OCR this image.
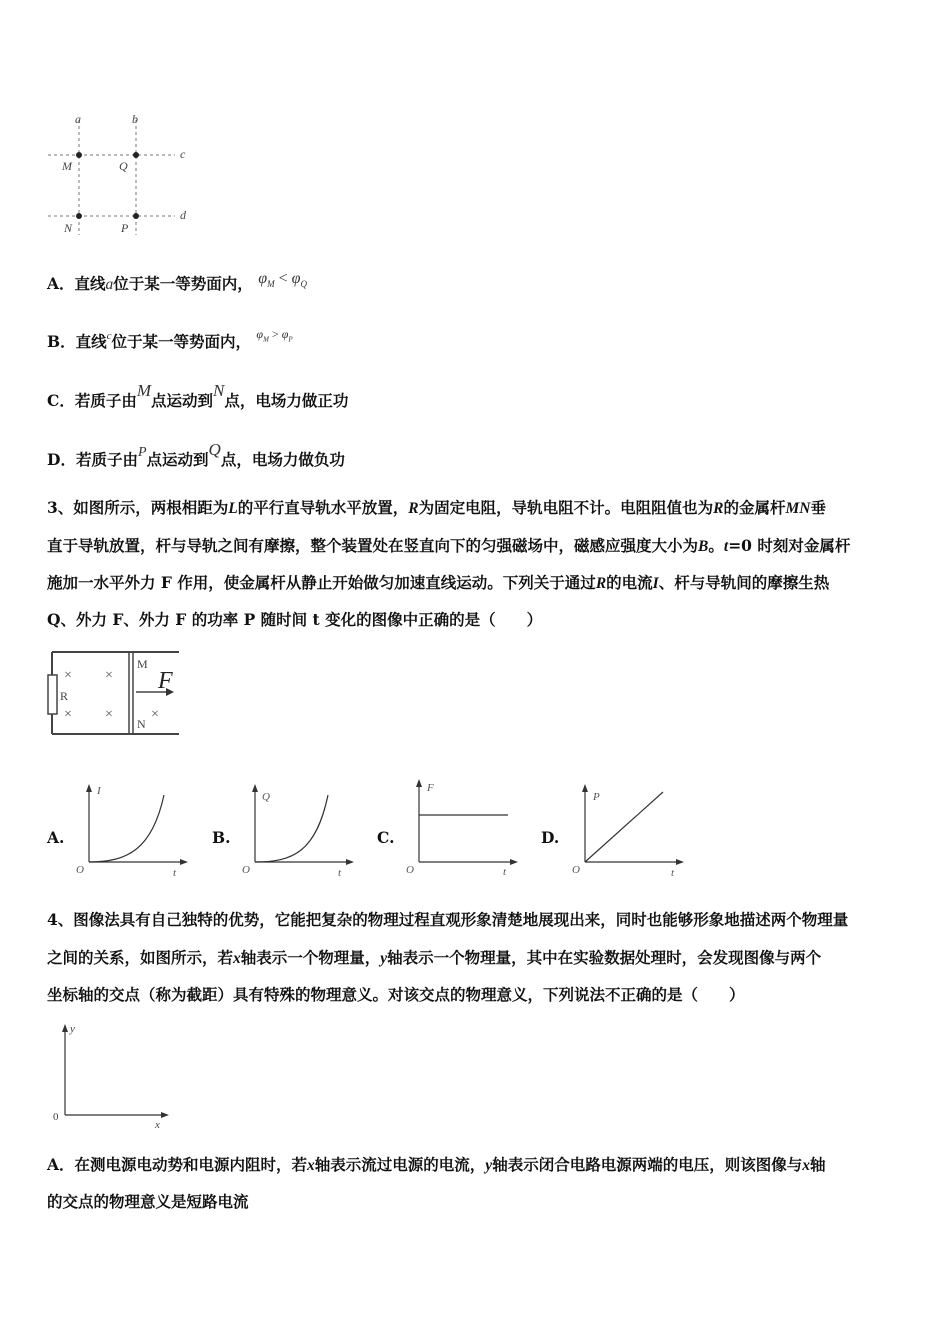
a	b
c
d
M	Q
N	P
A．直线a位于某一等势面内， $\varphi_M < \varphi_Q$
B．直线$^c$位于某一等势面内， $^{\varphi_M > \varphi_P}$
C．若质子由M点运动到N点，电场力做正功
D．若质子由P点运动到Q点，电场力做负功
3、如图所示，两根相距为L的平行直导轨水平放置，R为固定电阻，导轨电阻不计。电阻阻值也为R的金属杆MN垂
直于导轨放置，杆与导轨之间有摩擦，整个装置处在竖直向下的匀强磁场中，磁感应强度大小为B。t=0 时刻对金属杆
施加一水平外力 F 作用，使金属杆从静止开始做匀加速直线运动。下列关于通过R的电流I、杆与导轨间的摩擦生热
Q、外力 F、外力 F 的功率 P 随时间 t 变化的图像中正确的是（　　）
× ×
× ×	×
R
M
N
F
A.
I
O	t
B.
Q
O	t
C.
F
O	t
D.
P
O	t
4、图像法具有自己独特的优势，它能把复杂的物理过程直观形象清楚地展现出来，同时也能够形象地描述两个物理量
之间的关系，如图所示，若x轴表示一个物理量，y轴表示一个物理量，其中在实验数据处理时，会发现图像与两个
坐标轴的交点（称为截距）具有特殊的物理意义。对该交点的物理意义，下列说法不正确的是（　　）
y
0
x
A．在测电源电动势和电源内阻时，若x轴表示流过电源的电流，y轴表示闭合电路电源两端的电压，则该图像与x轴
的交点的物理意义是短路电流
